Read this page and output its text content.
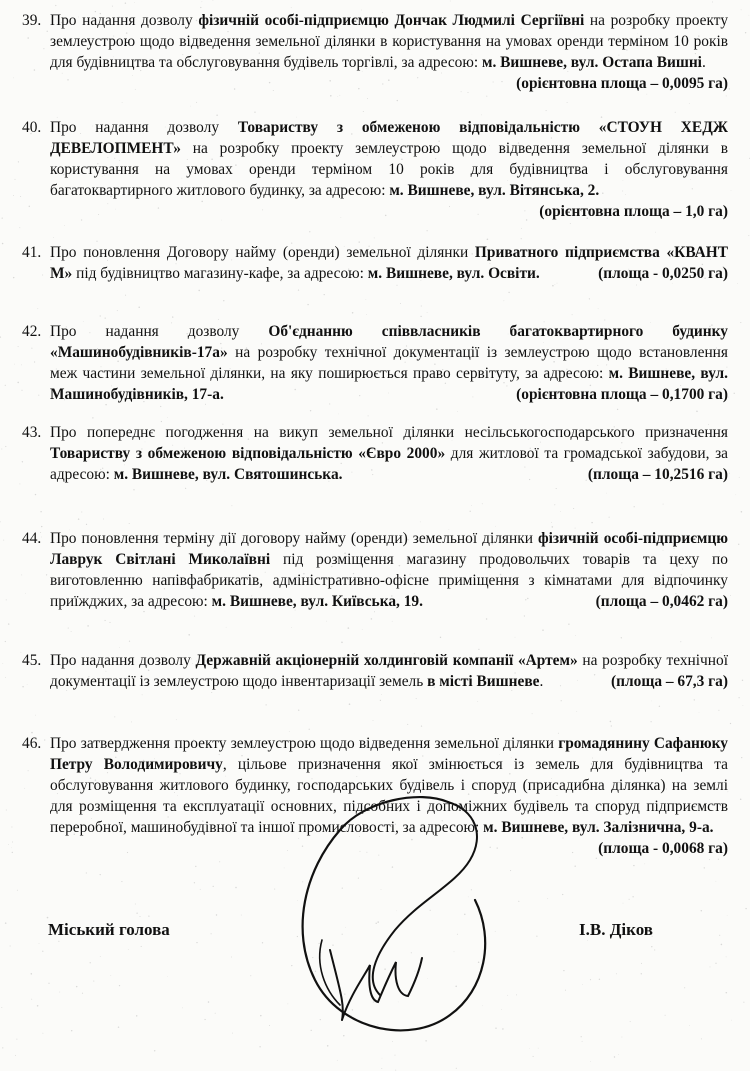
39. Про надання дозволу фізичній особі-підприємцю Дончак Людмилі Сергіївні на розробку проекту землеустрою щодо відведення земельної ділянки в користування на умовах оренди терміном 10 років для будівництва та обслуговування будівель торгівлі, за адресою: м. Вишневе, вул. Остапа Вишні.
(орієнтовна площа – 0,0095 га)
40. Про надання дозволу Товариству з обмеженою відповідальністю «СТОУН ХЕДЖ ДЕВЕЛОПМЕНТ» на розробку проекту землеустрою щодо відведення земельної ділянки в користування на умовах оренди терміном 10 років для будівництва і обслуговування багатоквартирного житлового будинку, за адресою: м. Вишневе, вул. Вітянська, 2.
(орієнтовна площа – 1,0 га)
41. Про поновлення Договору найму (оренди) земельної ділянки Приватного підприємства «КВАНТ М» під будівництво магазину-кафе, за адресою: м. Вишневе, вул. Освіти.	(площа - 0,0250 га)
42. Про надання дозволу Об'єднанню співвласників багатоквартирного будинку «Машинобудівників-17а» на розробку технічної документації із землеустрою щодо встановлення меж частини земельної ділянки, на яку поширюється право сервітуту, за адресою: м. Вишневе, вул. Машинобудівників, 17-а.	(орієнтовна площа – 0,1700 га)
43. Про попереднє погодження на викуп земельної ділянки несільськогосподарського призначення Товариству з обмеженою відповідальністю «Євро 2000» для житлової та громадської забудови, за адресою: м. Вишневе, вул. Святошинська.	(площа – 10,2516 га)
44. Про поновлення терміну дії договору найму (оренди) земельної ділянки фізичній особі-підприємцю Лаврук Світлані Миколаївні під розміщення магазину продовольчих товарів та цеху по виготовленню напівфабрикатів, адміністративно-офісне приміщення з кімнатами для відпочинку приїжджих, за адресою: м. Вишневе, вул. Київська, 19.	(площа – 0,0462 га)
45. Про надання дозволу Державній акціонерній холдинговій компанії «Артем» на розробку технічної документації із землеустрою щодо інвентаризації земель в місті Вишневе.	(площа – 67,3 га)
46. Про затвердження проекту землеустрою щодо відведення земельної ділянки громадянину Сафанюку Петру Володимировичу, цільове призначення якої змінюється із земель для будівництва та обслуговування житлового будинку, господарських будівель і споруд (присадибна ділянка) на землі для розміщення та експлуатації основних, підсобних і допоміжних будівель та споруд підприємств переробної, машинобудівної та іншої промисловості, за адресою: м. Вишневе, вул. Залізнична, 9-а.
(площа - 0,0068 га)
Міський голова	І.В. Діков
